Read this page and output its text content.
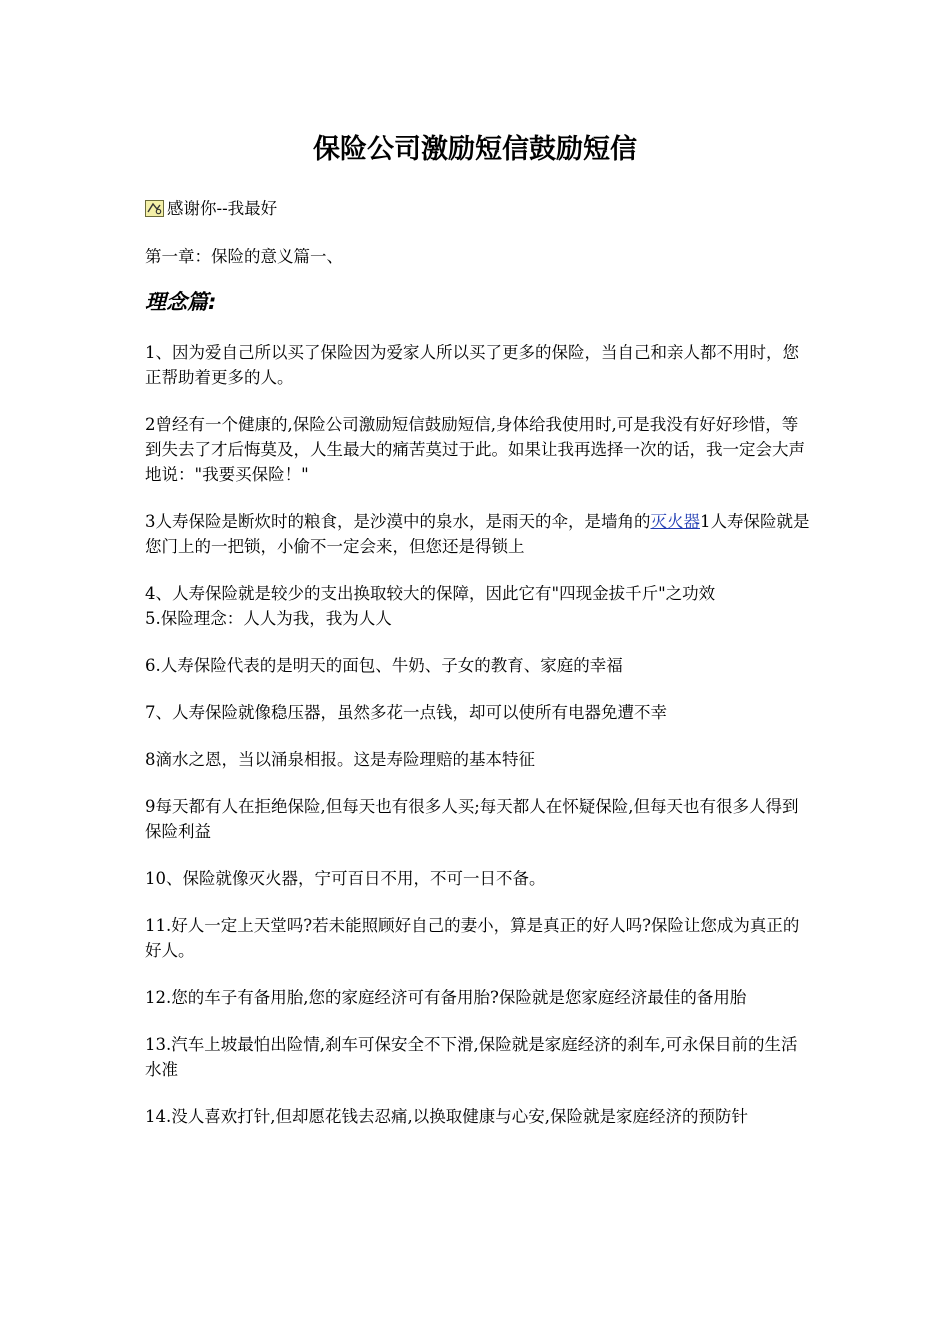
保险公司激励短信鼓励短信

感谢你--我最好

第一章：保险的意义篇一、

理念篇:

1、因为爱自己所以买了保险因为爱家人所以买了更多的保险，当自己和亲人都不用时，您正帮助着更多的人。

2曾经有一个健康的,保险公司激励短信鼓励短信,身体给我使用时,可是我没有好好珍惜，等到失去了才后悔莫及，人生最大的痛苦莫过于此。如果让我再选择一次的话，我一定会大声地说："我要买保险！"

3人寿保险是断炊时的粮食，是沙漠中的泉水，是雨天的伞，是墙角的灭火器1人寿保险就是您门上的一把锁，小偷不一定会来，但您还是得锁上

4、人寿保险就是较少的支出换取较大的保障，因此它有"四现金拔千斤"之功效

5.保险理念：人人为我，我为人人

6.人寿保险代表的是明天的面包、牛奶、子女的教育、家庭的幸福

7、人寿保险就像稳压器，虽然多花一点钱，却可以使所有电器免遭不幸

8滴水之恩，当以涌泉相报。这是寿险理赔的基本特征

9每天都有人在拒绝保险,但每天也有很多人买;每天都人在怀疑保险,但每天也有很多人得到保险利益

10、保险就像灭火器，宁可百日不用，不可一日不备。

11.好人一定上天堂吗?若未能照顾好自己的妻小，算是真正的好人吗?保险让您成为真正的好人。

12.您的车子有备用胎,您的家庭经济可有备用胎?保险就是您家庭经济最佳的备用胎

13.汽车上坡最怕出险情,刹车可保安全不下滑,保险就是家庭经济的刹车,可永保目前的生活水准

14.没人喜欢打针,但却愿花钱去忍痛,以换取健康与心安,保险就是家庭经济的预防针
